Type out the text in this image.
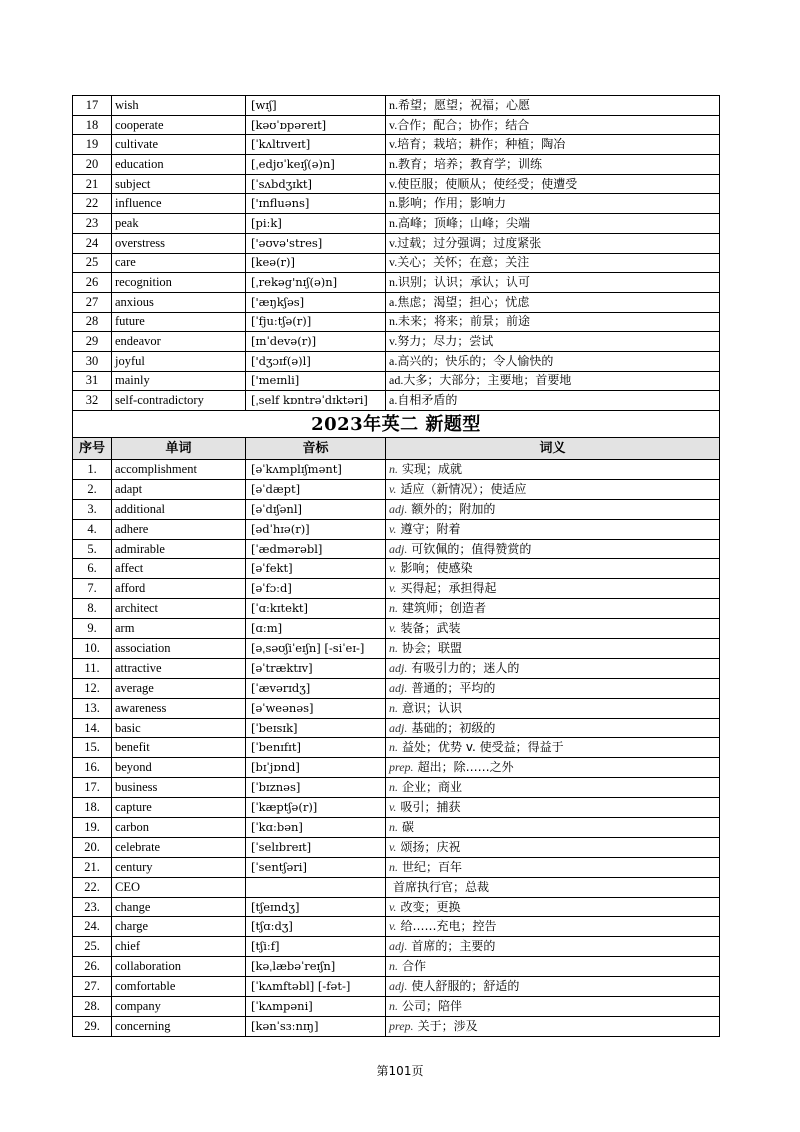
17	wish	[wɪʃ]	n.希望；愿望；祝福；心愿
18	cooperate	[kəʊˈɒpəreɪt]	v.合作；配合；协作；结合
19	cultivate	[ˈkʌltɪveɪt]	v.培育；栽培；耕作；种植；陶冶
20	education	[ˌedjʊˈkeɪʃ(ə)n]	n.教育；培养；教育学；训练
21	subject	[ˈsʌbdʒɪkt]	v.使臣服；使顺从；使经受；使遭受
22	influence	['ɪnfluəns]	n.影响；作用；影响力
23	peak	[piːk]	n.高峰；顶峰；山峰；尖端
24	overstress	['əʊvə'stres]	v.过载；过分强调；过度紧张
25	care	[keə(r)]	v.关心；关怀；在意；关注
26	recognition	[ˌrekəg'nɪʃ(ə)n]	n.识别；认识；承认；认可
27	anxious	['æŋkʃəs]	a.焦虑；渴望；担心；忧虑
28	future	[ˈfjuːtʃə(r)]	n.未来；将来；前景；前途
29	endeavor	[ɪnˈdevə(r)]	v.努力；尽力；尝试
30	joyful	['dʒɔɪf(ə)l]	a.高兴的；快乐的；令人愉快的
31	mainly	['meɪnli]	ad.大多；大部分；主要地；首要地
32	self-contradictory	[ˌself kɒntrəˈdɪktəri]	a.自相矛盾的
2023年英二 新题型			
序号	单词	音标	词义
1.	accomplishment	[əˈkʌmplɪʃmənt]	n. 实现；成就
2.	adapt	[əˈdæpt]	v. 适应（新情况）；使适应
3.	additional	[əˈdɪʃənl]	adj. 额外的；附加的
4.	adhere	[ədˈhɪə(r)]	v. 遵守；附着
5.	admirable	[ˈædmərəbl]	adj. 可钦佩的；值得赞赏的
6.	affect	[əˈfekt]	v. 影响；使感染
7.	afford	[əˈfɔːd]	v. 买得起；承担得起
8.	architect	[ˈɑːkɪtekt]	n. 建筑师；创造者
9.	arm	[ɑːm]	v. 装备；武装
10.	association	[əˌsəʊʃiˈeɪʃn] [-siˈeɪ-]	n. 协会；联盟
11.	attractive	[əˈtræktɪv]	adj. 有吸引力的；迷人的
12.	average	[ˈævərɪdʒ]	adj. 普通的；平均的
13.	awareness	[əˈweənəs]	n. 意识；认识
14.	basic	[ˈbeɪsɪk]	adj. 基础的；初级的
15.	benefit	[ˈbenɪfɪt]	n. 益处；优势 v. 使受益；得益于
16.	beyond	[bɪˈjɒnd]	prep. 超出；除……之外
17.	business	[ˈbɪznəs]	n. 企业；商业
18.	capture	[ˈkæptʃə(r)]	v. 吸引；捕获
19.	carbon	[ˈkɑːbən]	n. 碳
20.	celebrate	[ˈselɪbreɪt]	v. 颂扬；庆祝
21.	century	[ˈsentʃəri]	n. 世纪；百年
22.	CEO		首席执行官；总裁
23.	change	[tʃeɪndʒ]	v. 改变；更换
24.	charge	[tʃɑːdʒ]	v. 给……充电；控告
25.	chief	[tʃiːf]	adj. 首席的；主要的
26.	collaboration	[kəˌlæbəˈreɪʃn]	n. 合作
27.	comfortable	[ˈkʌmftəbl] [-fət-]	adj. 使人舒服的；舒适的
28.	company	[ˈkʌmpəni]	n. 公司；陪伴
29.	concerning	[kənˈsɜːnɪŋ]	prep. 关于；涉及
第101页
